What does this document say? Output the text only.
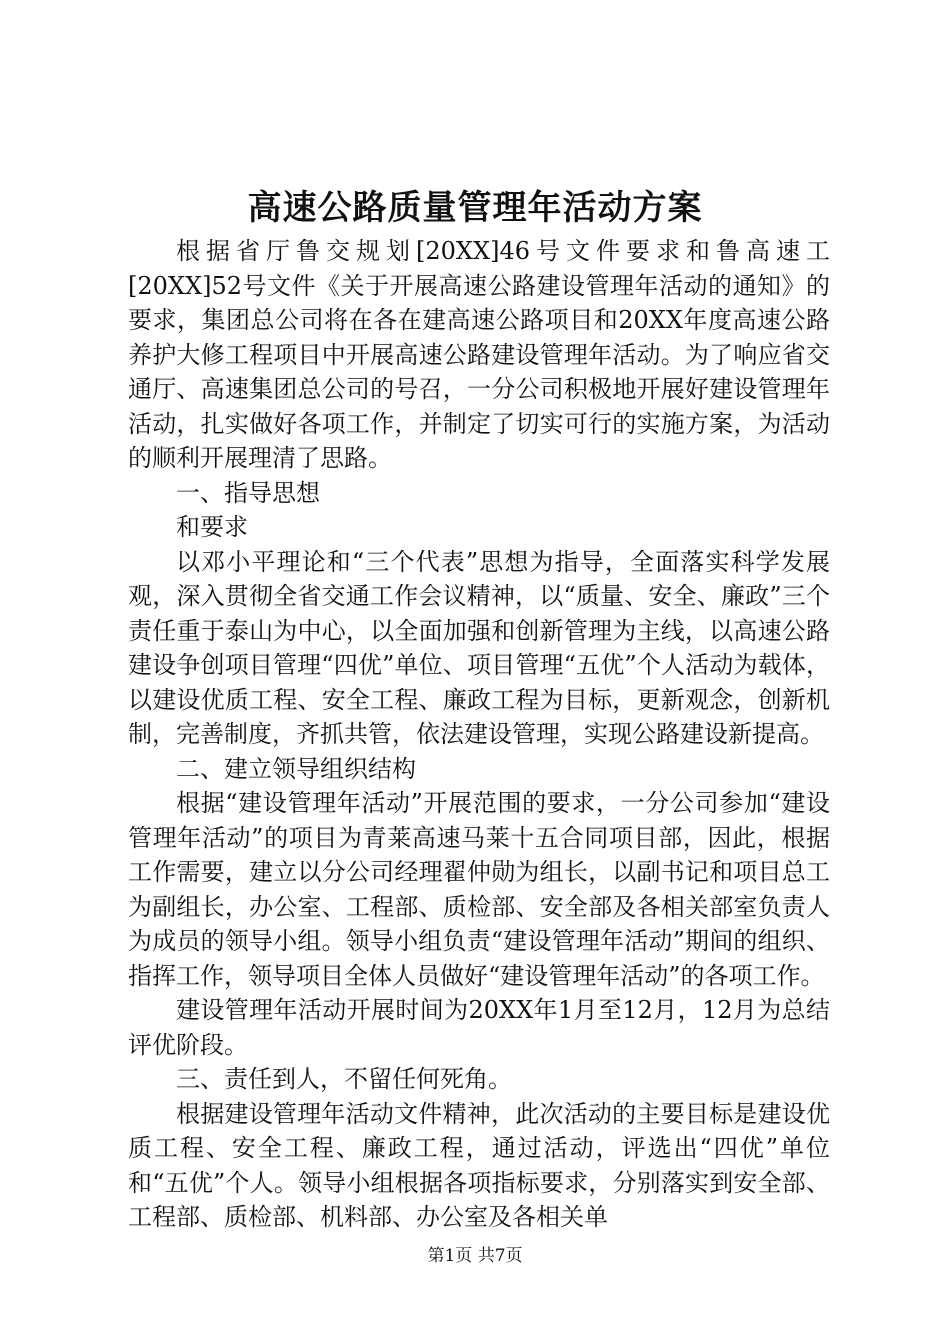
高速公路质量管理年活动方案

根据省厅鲁交规划[20XX]46号文件要求和鲁高速工[20XX]52号文件《关于开展高速公路建设管理年活动的通知》的要求，集团总公司将在各在建高速公路项目和20XX年度高速公路养护大修工程项目中开展高速公路建设管理年活动。为了响应省交通厅、高速集团总公司的号召，一分公司积极地开展好建设管理年活动，扎实做好各项工作，并制定了切实可行的实施方案，为活动的顺利开展理清了思路。

一、指导思想

和要求

以邓小平理论和“三个代表”思想为指导，全面落实科学发展观，深入贯彻全省交通工作会议精神，以“质量、安全、廉政”三个责任重于泰山为中心，以全面加强和创新管理为主线，以高速公路建设争创项目管理“四优”单位、项目管理“五优”个人活动为载体，以建设优质工程、安全工程、廉政工程为目标，更新观念，创新机制，完善制度，齐抓共管，依法建设管理，实现公路建设新提高。

二、建立领导组织结构

根据“建设管理年活动”开展范围的要求，一分公司参加“建设管理年活动”的项目为青莱高速马莱十五合同项目部，因此，根据工作需要，建立以分公司经理翟仲勋为组长，以副书记和项目总工为副组长，办公室、工程部、质检部、安全部及各相关部室负责人为成员的领导小组。领导小组负责“建设管理年活动”期间的组织、指挥工作，领导项目全体人员做好“建设管理年活动”的各项工作。

建设管理年活动开展时间为20XX年1月至12月，12月为总结评优阶段。

三、责任到人，不留任何死角。

根据建设管理年活动文件精神，此次活动的主要目标是建设优质工程、安全工程、廉政工程，通过活动，评选出“四优”单位和“五优”个人。领导小组根据各项指标要求，分别落实到安全部、工程部、质检部、机料部、办公室及各相关单

第1页 共7页
